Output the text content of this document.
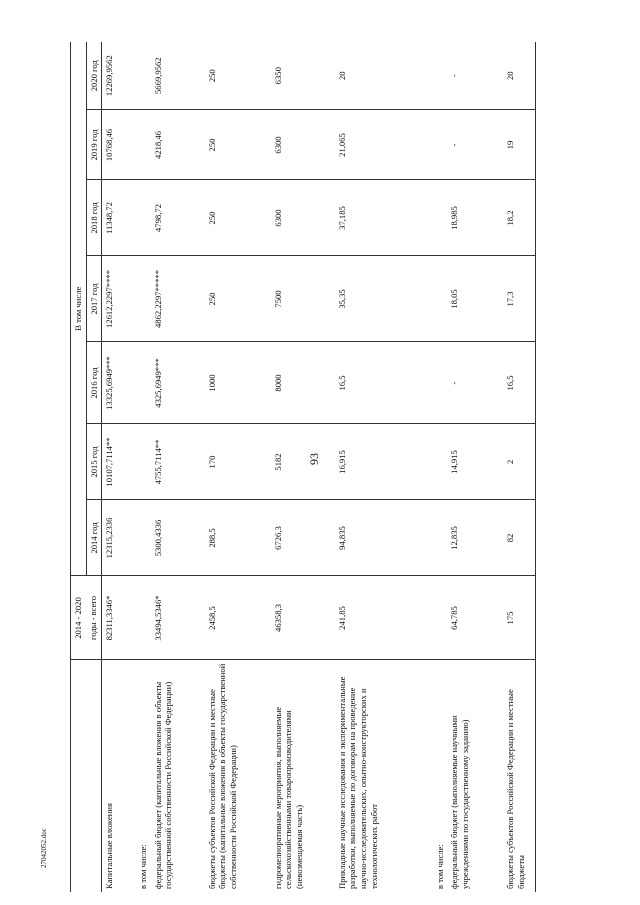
93
	2014 - 2020	В том числе						
	годы - всего	2014 год	2015 год	2016 год	2017 год	2018 год	2019 год	2020 год
Капитальные вложения	82311,3346*	12315,2336	10107,7114**	13325,6949***	12612,2297****	11348,72	10768,46	12269,9562
в том числе:								
федеральный бюджет (капитальные вложения в объекты государственной собственности Российской Федерации)	33494,5346*	5300,4336	4755,7114**	4325,6949***	4862,2297*****	4798,72	4218,46	5669,9562
бюджеты субъектов Российской Федерации и местные бюджеты (капитальные вложения в объекты государственной собственности Российской Федерации)	2458,5	288,5	170	1000	250	250	250	250
гидромелиоративные мероприятия, выполняемые сельскохозяйственными товаропроизводителями (невозмещаемая часть)	46358,3	6726,3	5182	8000	7500	6300	6300	6350
Прикладные научные исследования и экспериментальные разработки, выполняемые по договорам на проведение научно-исследовательских, опытно-конструкторских и технологических работ	241,85	94,835	16,915	16,5	35,35	37,185	21,065	20
в том числе:								
федеральный бюджет (выполняемые научными учреждениями по государственному заданию)	64,785	12,835	14,915	-	18,05	18,985	-	-
бюджеты субъектов Российской Федерации и местные бюджеты	175	82	2	16,5	17,3	18,2	19	20
27042052.doc
